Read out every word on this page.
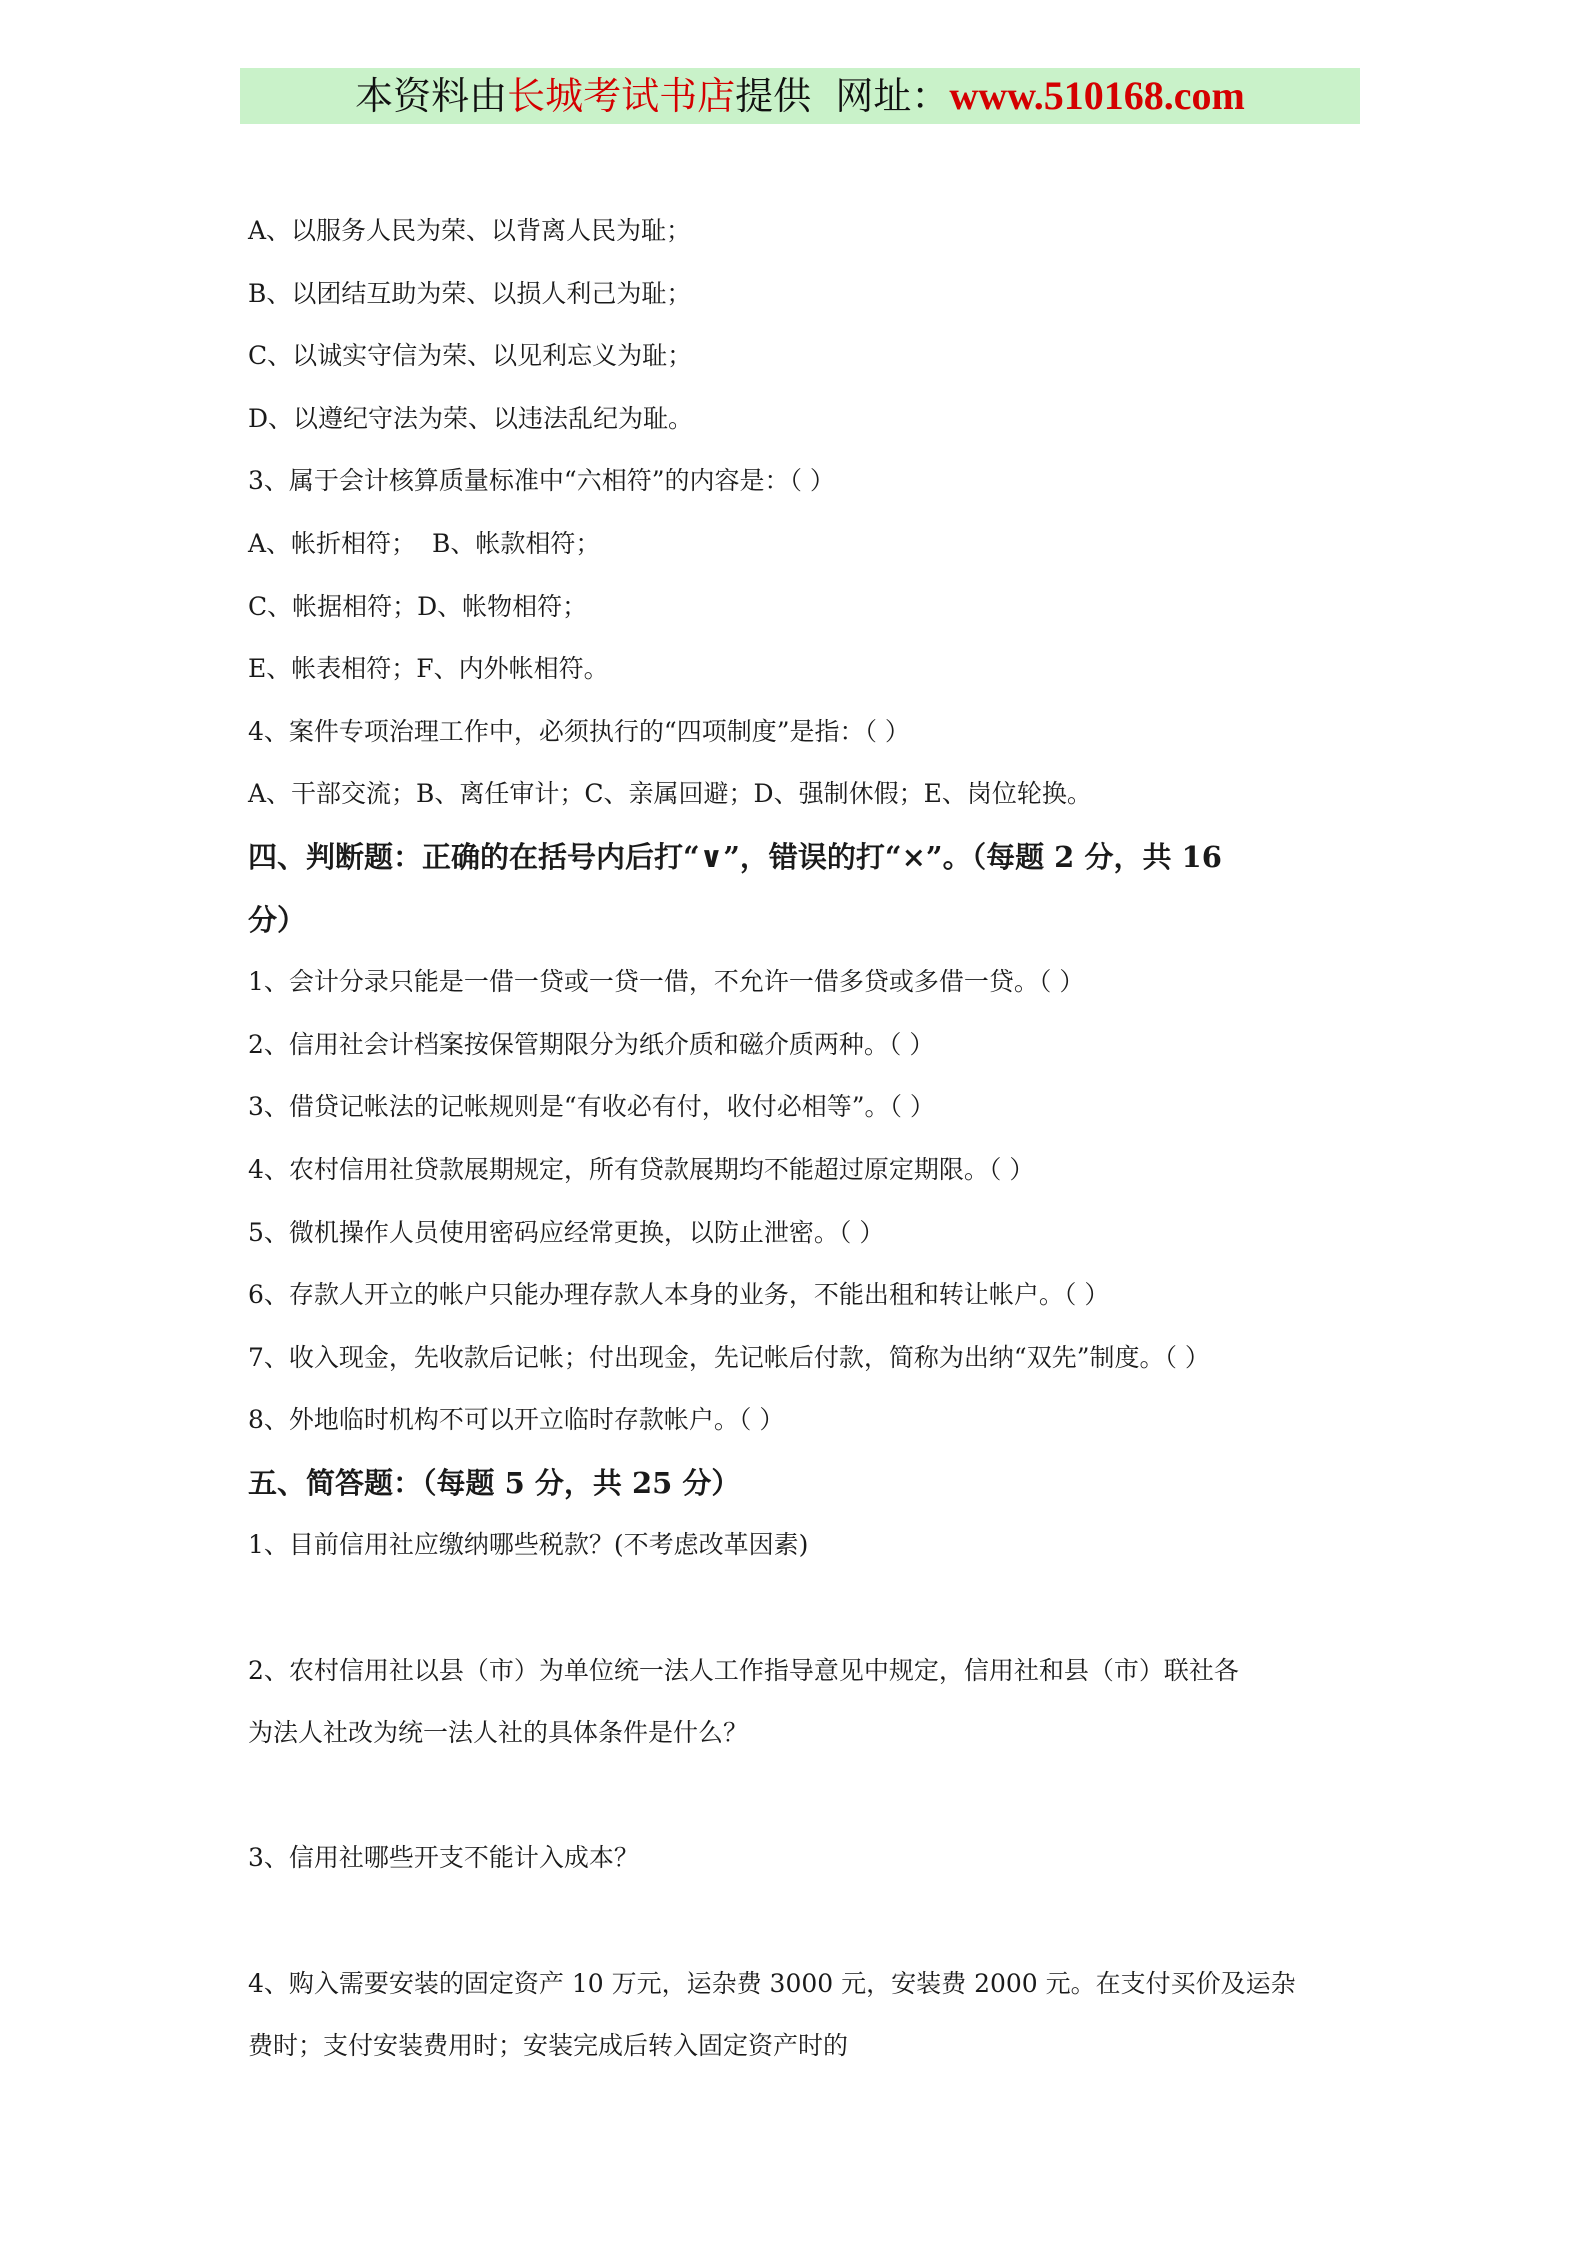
本资料由 长城考试书店 提供  网址： www.510168.com
A、以服务人民为荣、以背离人民为耻；
B、以团结互助为荣、以损人利己为耻；
C、以诚实守信为荣、以见利忘义为耻；
D、以遵纪守法为荣、以违法乱纪为耻。
3、属于会计核算质量标准中“六相符”的内容是：（ ）
A、帐折相符；  B、帐款相符；
C、帐据相符；D、帐物相符；
E、帐表相符；F、内外帐相符。
4、案件专项治理工作中，必须执行的“四项制度”是指：（ ）
A、干部交流；B、离任审计；C、亲属回避；D、强制休假；E、岗位轮换。
四、判断题：正确的在括号内后打“∨”，错误的打“×”。（每题 2 分，共 16
分）
1、会计分录只能是一借一贷或一贷一借，不允许一借多贷或多借一贷。（ ）
2、信用社会计档案按保管期限分为纸介质和磁介质两种。（ ）
3、借贷记帐法的记帐规则是“有收必有付，收付必相等”。（ ）
4、农村信用社贷款展期规定，所有贷款展期均不能超过原定期限。（ ）
5、微机操作人员使用密码应经常更换，以防止泄密。（ ）
6、存款人开立的帐户只能办理存款人本身的业务，不能出租和转让帐户。（ ）
7、收入现金，先收款后记帐；付出现金，先记帐后付款，简称为出纳“双先”制度。（ ）
8、外地临时机构不可以开立临时存款帐户。（ ）
五、简答题：（每题 5 分，共 25 分）
1、目前信用社应缴纳哪些税款？(不考虑改革因素)
2、农村信用社以县（市）为单位统一法人工作指导意见中规定，信用社和县（市）联社各
为法人社改为统一法人社的具体条件是什么？
3、信用社哪些开支不能计入成本？
4、购入需要安装的固定资产 10 万元，运杂费 3000 元，安装费 2000 元。在支付买价及运杂
费时；支付安装费用时；安装完成后转入固定资产时的
